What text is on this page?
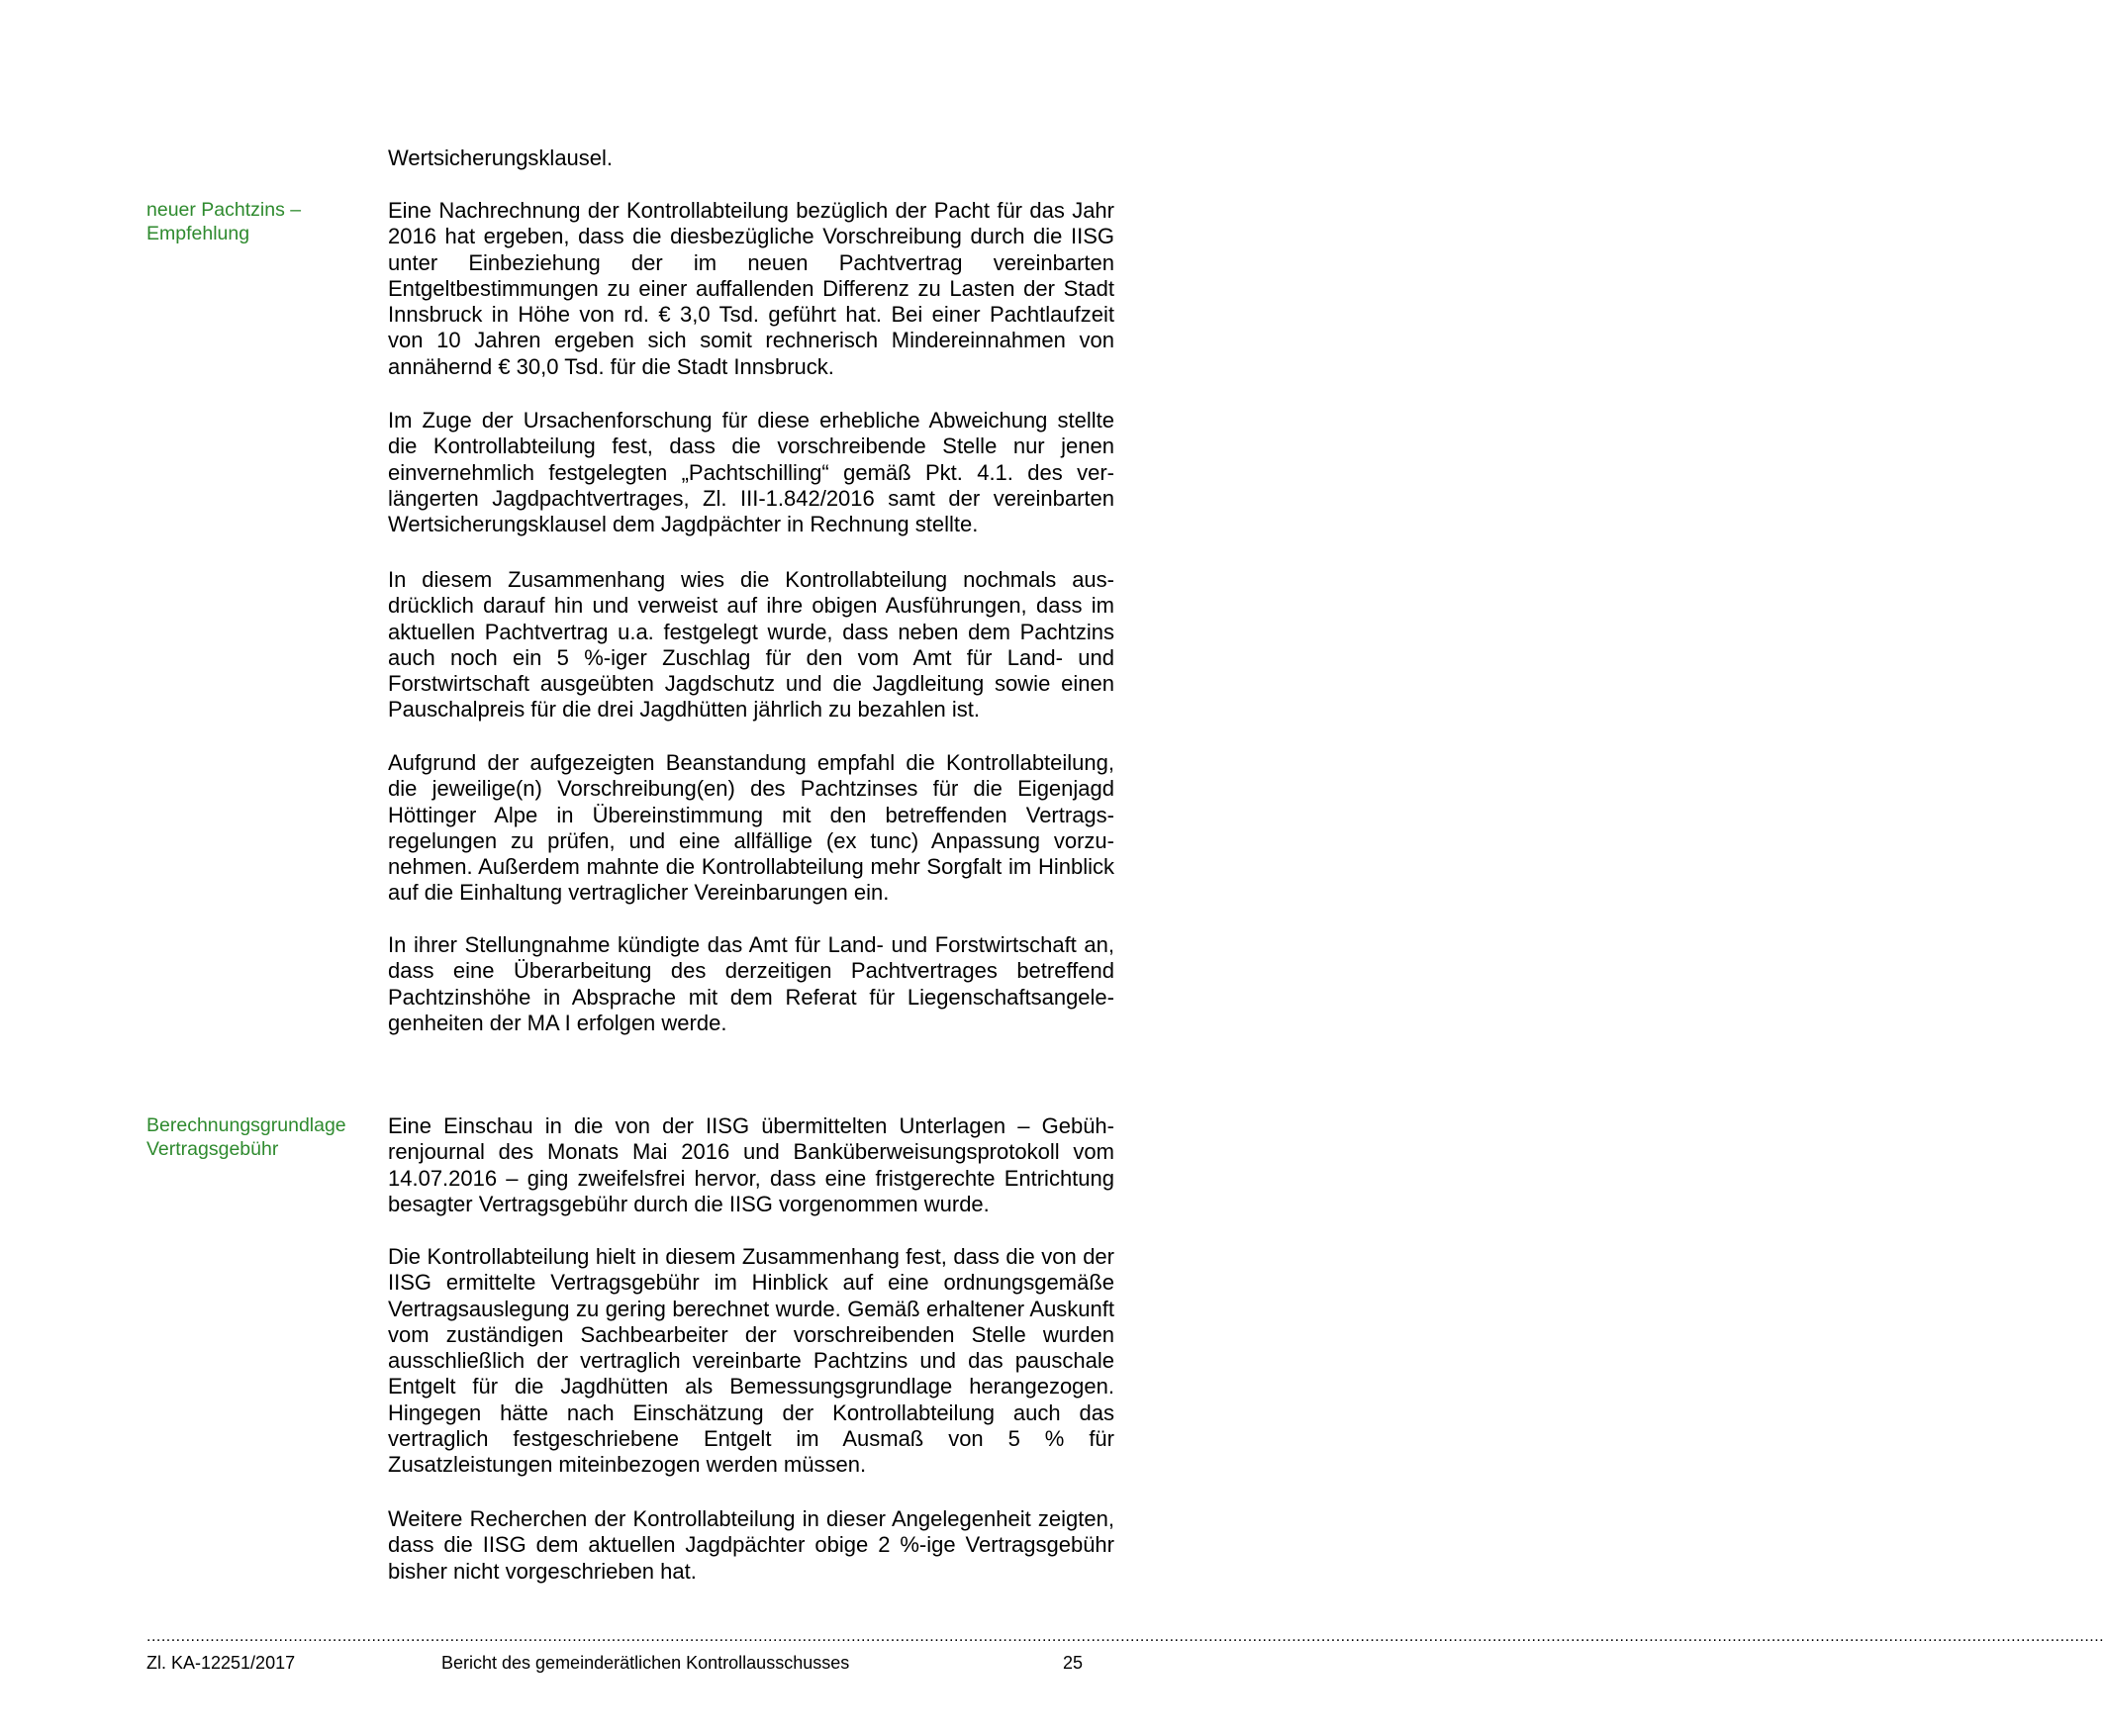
Wertsicherungsklausel.

neuer Pachtzins –
Empfehlung

Eine Nachrechnung der Kontrollabteilung bezüglich der Pacht für das Jahr 2016 hat ergeben, dass die diesbezügliche Vorschreibung durch die IISG unter Einbeziehung der im neuen Pachtvertrag vereinbarten Entgeltbestimmungen zu einer auffallenden Differenz zu Lasten der Stadt Innsbruck in Höhe von rd. € 3,0 Tsd. geführt hat. Bei einer Pachtlaufzeit von 10 Jahren ergeben sich somit rechnerisch Mindereinnahmen von annähernd € 30,0 Tsd. für die Stadt Innsbruck.

Im Zuge der Ursachenforschung für diese erhebliche Abweichung stellte die Kontrollabteilung fest, dass die vorschreibende Stelle nur jenen einvernehmlich festgelegten „Pachtschilling“ gemäß Pkt. 4.1. des verlängerten Jagdpachtvertrages, Zl. III-1.842/2016 samt der vereinbarten Wertsicherungsklausel dem Jagdpächter in Rechnung stellte.

In diesem Zusammenhang wies die Kontrollabteilung nochmals ausdrücklich darauf hin und verweist auf ihre obigen Ausführungen, dass im aktuellen Pachtvertrag u.a. festgelegt wurde, dass neben dem Pachtzins auch noch ein 5 %-iger Zuschlag für den vom Amt für Land- und Forstwirtschaft ausgeübten Jagdschutz und die Jagdleitung sowie einen Pauschalpreis für die drei Jagdhütten jährlich zu bezahlen ist.

Aufgrund der aufgezeigten Beanstandung empfahl die Kontrollabteilung, die jeweilige(n) Vorschreibung(en) des Pachtzinses für die Eigenjagd Höttinger Alpe in Übereinstimmung mit den betreffenden Vertragsregelungen zu prüfen, und eine allfällige (ex tunc) Anpassung vorzunehmen. Außerdem mahnte die Kontrollabteilung mehr Sorgfalt im Hinblick auf die Einhaltung vertraglicher Vereinbarungen ein.

In ihrer Stellungnahme kündigte das Amt für Land- und Forstwirtschaft an, dass eine Überarbeitung des derzeitigen Pachtvertrages betreffend Pachtzinshöhe in Absprache mit dem Referat für Liegenschaftsangelegenheiten der MA I erfolgen werde.

Berechnungsgrundlage
Vertragsgebühr

Eine Einschau in die von der IISG übermittelten Unterlagen – Gebührenjournal des Monats Mai 2016 und Banküberweisungsprotokoll vom 14.07.2016 – ging zweifelsfrei hervor, dass eine fristgerechte Entrichtung besagter Vertragsgebühr durch die IISG vorgenommen wurde.

Die Kontrollabteilung hielt in diesem Zusammenhang fest, dass die von der IISG ermittelte Vertragsgebühr im Hinblick auf eine ordnungsgemäße Vertragsauslegung zu gering berechnet wurde. Gemäß erhaltener Auskunft vom zuständigen Sachbearbeiter der vorschreibenden Stelle wurden ausschließlich der vertraglich vereinbarte Pachtzins und das pauschale Entgelt für die Jagdhütten als Bemessungsgrundlage herangezogen. Hingegen hätte nach Einschätzung der Kontrollabteilung auch das vertraglich festgeschriebene Entgelt im Ausmaß von 5 % für Zusatzleistungen miteinbezogen werden müssen.

Weitere Recherchen der Kontrollabteilung in dieser Angelegenheit zeigten, dass die IISG dem aktuellen Jagdpächter obige 2 %-ige Vertragsgebühr bisher nicht vorgeschrieben hat.

................................................................................................................................................................................................................................................................................................................................................................................................................
Zl. KA-12251/2017	Bericht des gemeinderätlichen Kontrollausschusses	25
